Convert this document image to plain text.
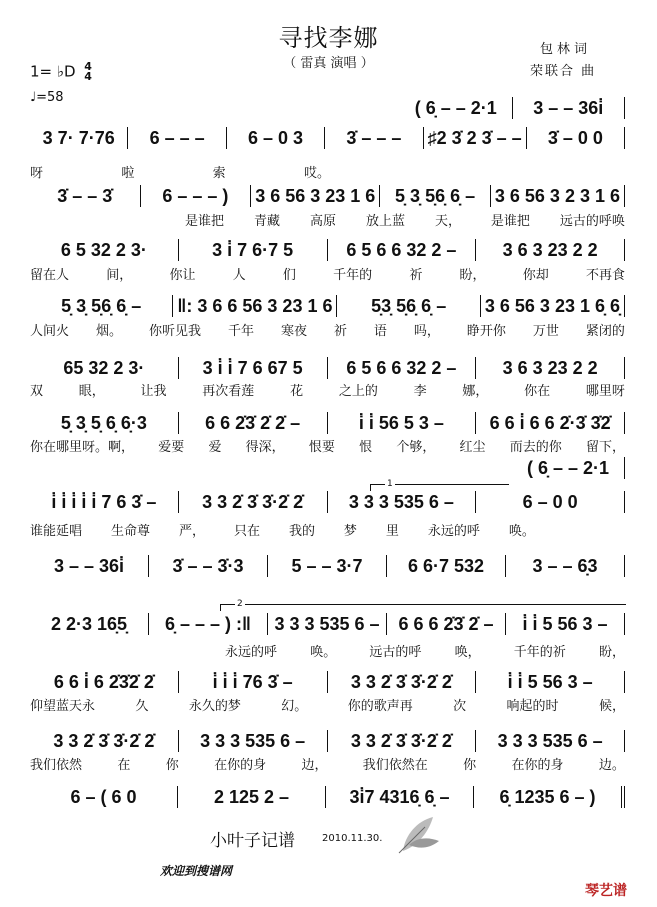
寻找李娜
（ 雷真 演唱 ）
包林词
荣联合 曲
1= ♭D 4
4
♩=58	( 6̣ – – 2·1 3 – – 36i̇
3 7· 7·76 6 – – – 6 – 0 3 3̇ – – – ♯2 3̇ 2 3̇ – – 3̇ – 0 0
呀	啦	索	哎。
3̇ – – 3̇	6 – – – ) 3 6 56 3 23 1 6 5̣ 3̣ 5̣6̣ 6̣ – 3 6 56 3 2 3 1 6
是谁把 青藏 高原 放上蓝 天， 是谁把 远古的呼唤
6 5 32 2 3·	3 i̇ 7 6·7 5	6 5 6 6 32 2 –	3 6 3 23 2 2
留在人	间，	你让	人	们	千年的	祈	盼，	你却	不再食
5̣ 3̣ 5̣6̣ 6̣ – ‖: 3 6 6 56 3 23 1 6 5̣3̣ 5̣6̣ 6̣ – 3 6 56 3 23 1 6̣ 6̣
人间火 烟。 你听见我 千年 寒夜 祈 语 吗， 睁开你 万世 紧闭的
65 32 2 3·	3 i̇ i̇ 7 6 67 5 6 5 6 6 32 2 –	3 6 3 23 2 2
双	眼，	让我	再次看莲	花	之上的	李	娜，	你在	哪里呀
5̣ 3̣ 5̣ 6̣ 6̣·3	6 6 2̇3̇ 2̇ 2̇ –	i̇ i̇ 56 5 3 –	6 6 i̇ 6 6 2̇·3̇ 3̇2̇
你在哪里呀。啊， 爱要 爱 得深， 恨要 恨 个够， 红尘 而去的你 留下，
( 6̣ – – 2·1
i̇ i̇ i̇ i̇ i̇ 7 6 3̇ –	3 3 2̇ 3̇ 3̇·2̇ 2̇	3 3 3 535 6 –	6 – 0 0
谁能延唱 生命尊 严， 只在 我的 梦 里 永远的呼 唤。
3 – – 36i̇	3̇ – – 3̇·3	5 – – 3·7	6 6·7 532	3 – – 6̣3
2 2·3 16̣5̣ 6̣ – – – ) :‖ 3 3 3 535 6 – 6 6 6 2̇3̇ 2̇ – i̇ i̇ 5 56 3 –
永远的呼	唤。	远古的呼	唤，	千年的祈	盼，
6 6 i̇ 6 2̇3̇2̇ 2̇	i̇ i̇ i̇ 76 3̇ –	3 3 2̇ 3̇ 3̇·2̇ 2̇	i̇ i̇ 5 56 3 –
仰望蓝天永	久	永久的梦	幻。	你的歌声再	次	响起的时	候，
3 3 2̇ 3̇ 3̇·2̇ 2̇	3 3 3 535 6 –	3 3 2̇ 3̇ 3̇·2̇ 2̇	3 3 3 535 6 –
我们依然	在	你	在你的身	边，	我们依然在	你	在你的身	边。
6 – ( 6 0	2 125 2 –	3i̇7 4316̣ 6̣ –	6̣ 1235 6 – )
1
2
小叶子记谱	2010.11.30.
欢迎到搜谱网
琴艺谱
